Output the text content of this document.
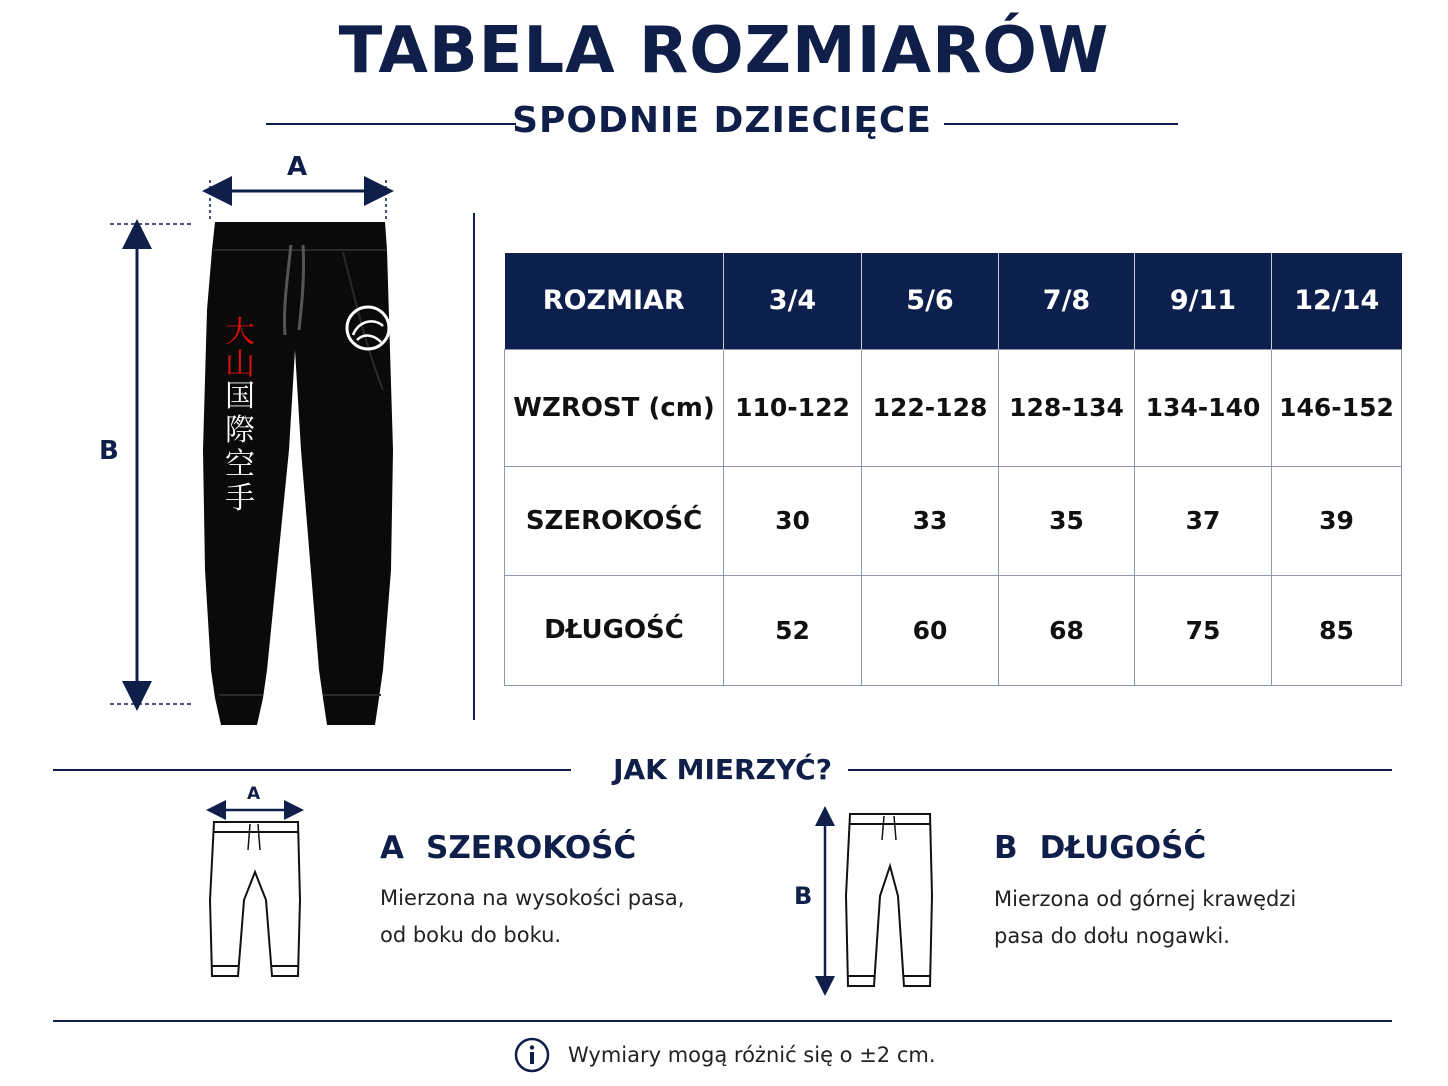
TABELA ROZMIARÓW
SPODNIE DZIECIĘCE
大
山
国
際
空
手
A
B
ROZMIAR	3/4	5/6	7/8	9/11	12/14
WZROST (cm)	110-122	122-128	128-134	134-140	146-152
SZEROKOŚĆ	30	33	35	37	39
DŁUGOŚĆ	52	60	68	75	85
JAK MIERZYĆ?
A
A SZEROKOŚĆ
Mierzona na wysokości pasa,
od boku do boku.
B
B DŁUGOŚĆ
Mierzona od górnej krawędzi
pasa do dołu nogawki.
Wymiary mogą różnić się o ±2 cm.
